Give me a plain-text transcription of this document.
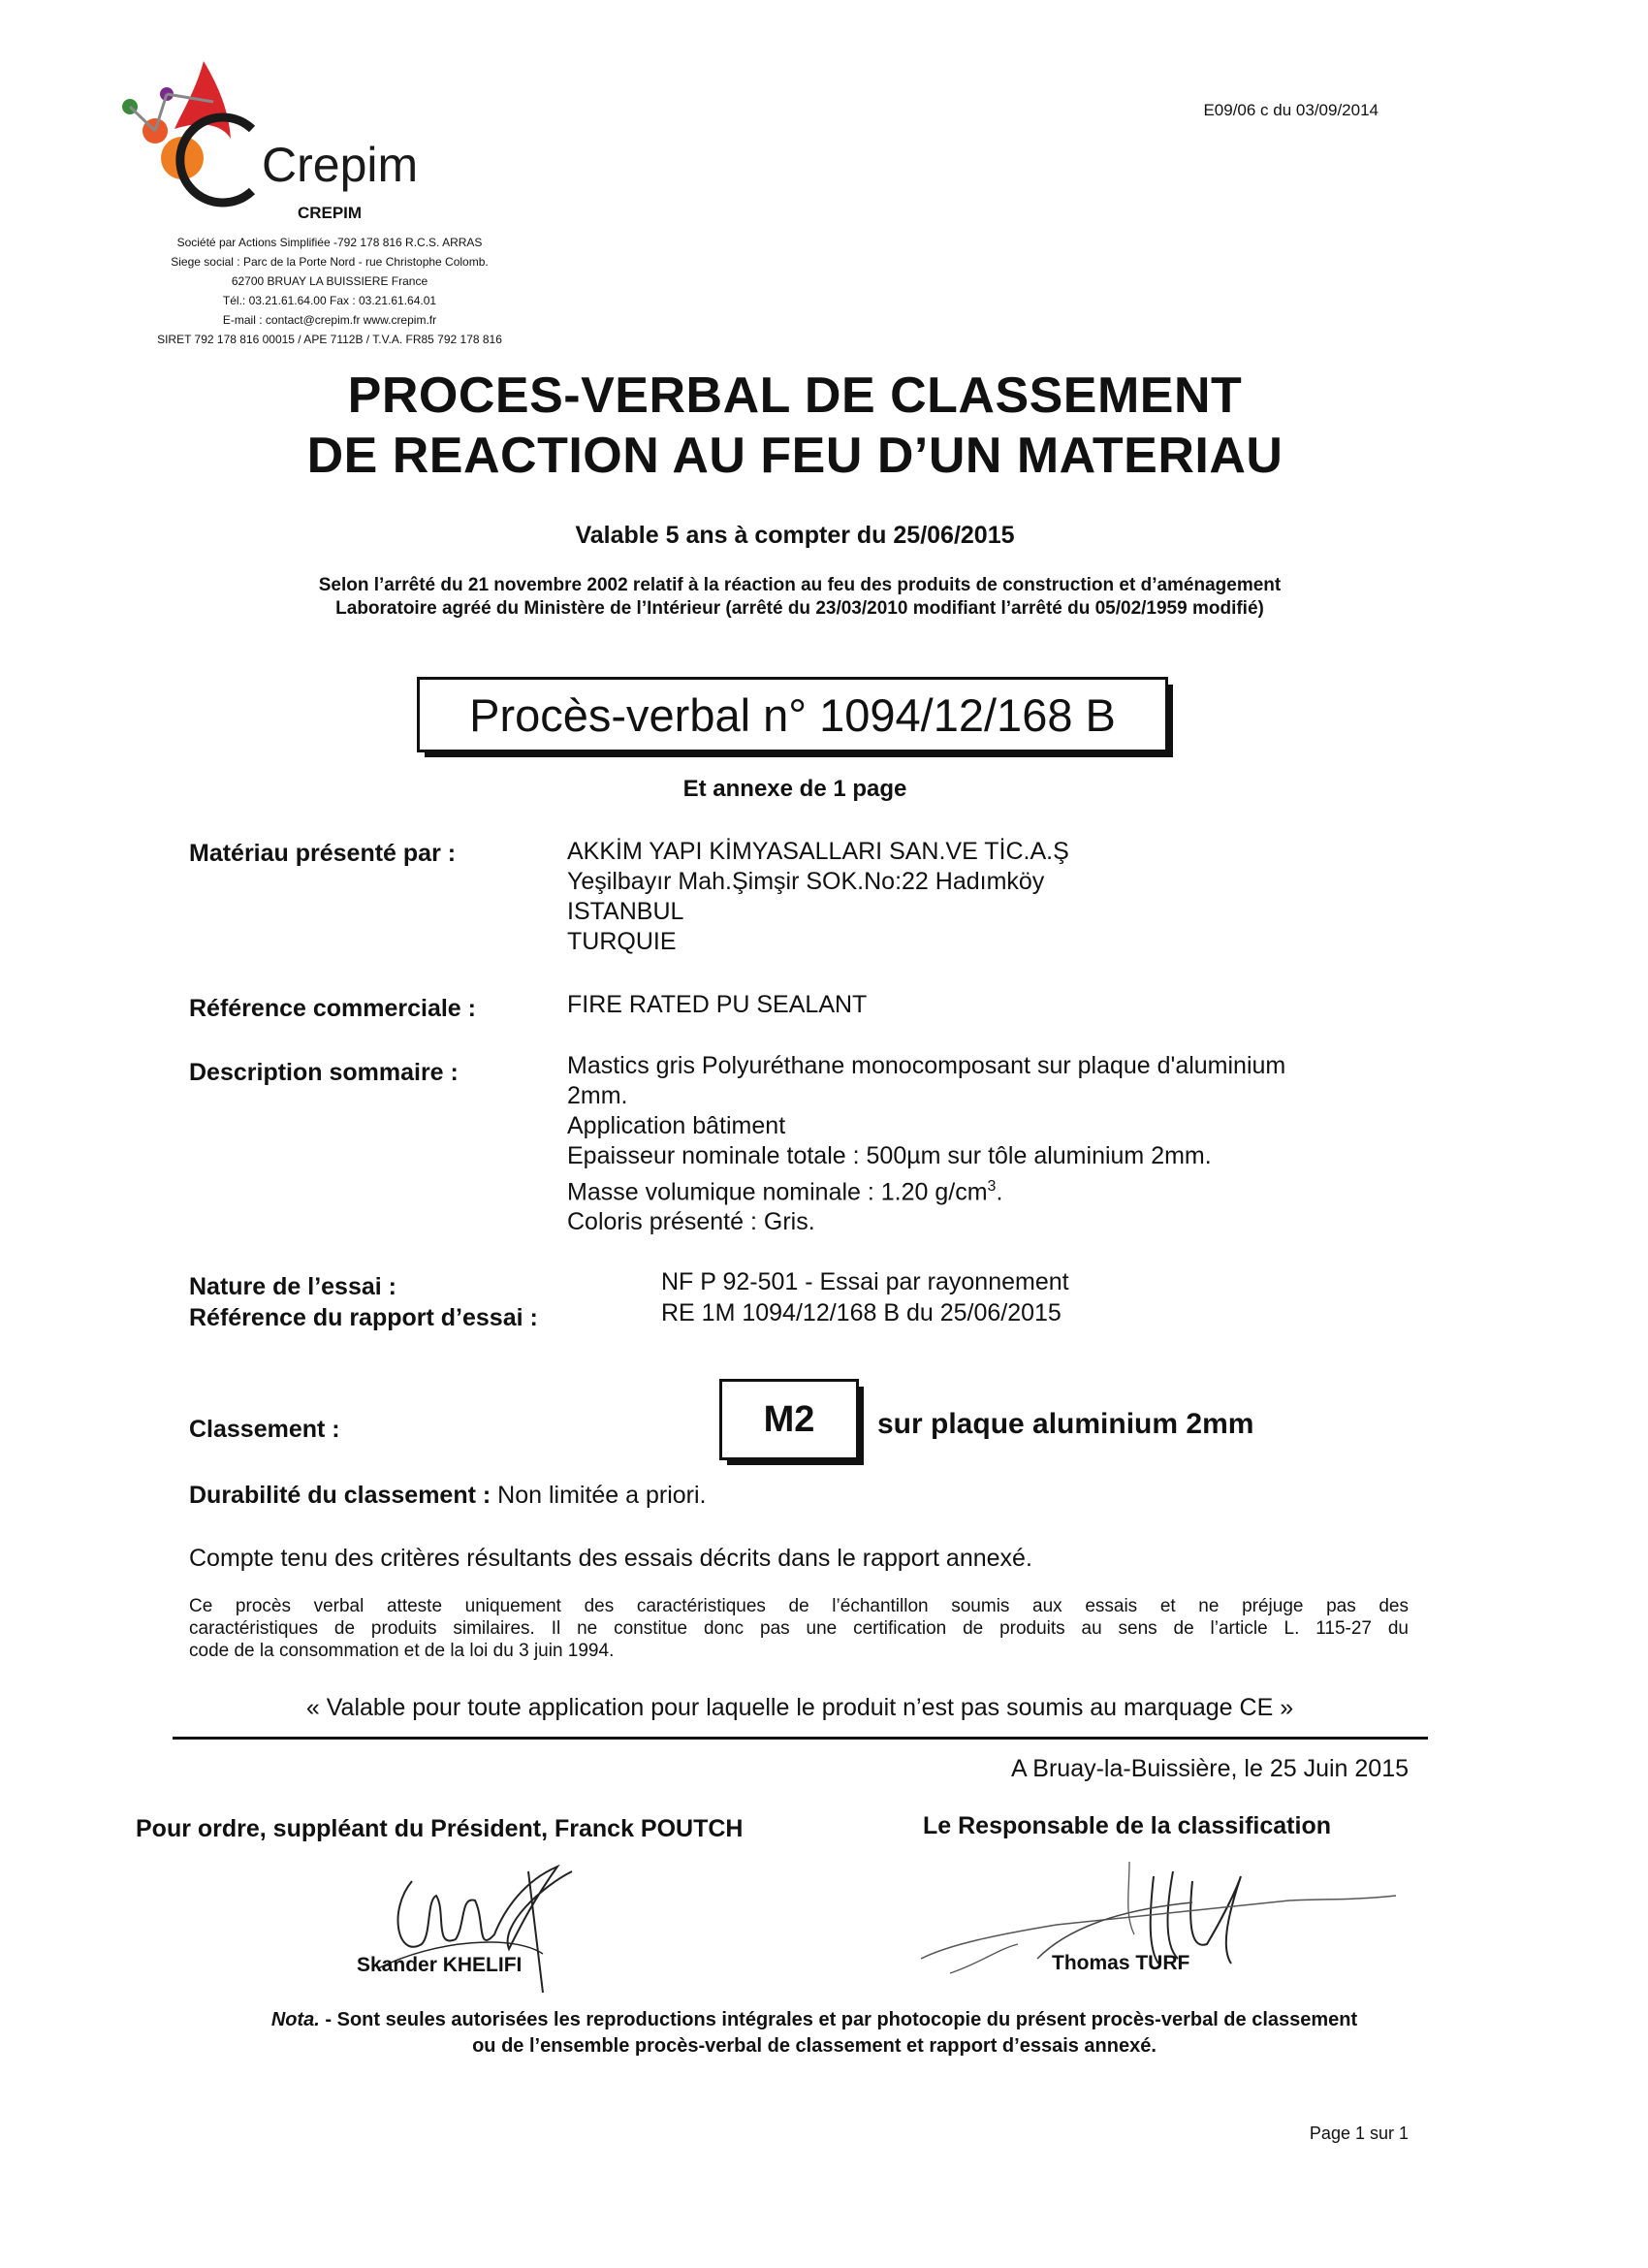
Crepim
E09/06 c du 03/09/2014
CREPIM
Société par Actions Simplifiée -792 178 816 R.C.S. ARRAS
Siege social : Parc de la Porte Nord - rue Christophe Colomb.
62700 BRUAY LA BUISSIERE France
Tél.: 03.21.61.64.00 Fax : 03.21.61.64.01
E-mail : contact@crepim.fr www.crepim.fr
SIRET 792 178 816 00015 / APE 7112B / T.V.A. FR85 792 178 816
PROCES-VERBAL DE CLASSEMENT
DE REACTION AU FEU D’UN MATERIAU
Valable 5 ans à compter du 25/06/2015
Selon l’arrêté du 21 novembre 2002 relatif à la réaction au feu des produits de construction et d’aménagement
Laboratoire agréé du Ministère de l’Intérieur (arrêté du 23/03/2010 modifiant l’arrêté du 05/02/1959 modifié)
Procès-verbal n° 1094/12/168 B
Et annexe de 1 page
Matériau présenté par :	AKKİM YAPI KİMYASALLARI SAN.VE TİC.A.Ş
Yeşilbayır Mah.Şimşir SOK.No:22 Hadımköy
ISTANBUL
TURQUIE
Référence commerciale :	FIRE RATED PU SEALANT
Description sommaire :	Mastics gris Polyuréthane monocomposant sur plaque d'aluminium
2mm.
Application bâtiment
Epaisseur nominale totale : 500µm sur tôle aluminium 2mm.
Masse volumique nominale : 1.20 $g/cm^3$.
Coloris présenté : Gris.
Nature de l’essai :	NF P 92-501 - Essai par rayonnement
Référence du rapport d’essai :	RE 1M 1094/12/168 B du 25/06/2015
Classement :	M2 sur plaque aluminium 2mm
Durabilité du classement : Non limitée a priori.
Compte tenu des critères résultants des essais décrits dans le rapport annexé.
Ce procès verbal atteste uniquement des caractéristiques de l’échantillon soumis aux essais et ne préjuge pas des
caractéristiques de produits similaires. Il ne constitue donc pas une certification de produits au sens de l’article L. 115-27 du
code de la consommation et de la loi du 3 juin 1994.
« Valable pour toute application pour laquelle le produit n’est pas soumis au marquage CE »
A Bruay-la-Buissière, le 25 Juin 2015
Pour ordre, suppléant du Président, Franck POUTCH	Le Responsable de la classification
Skander KHELIFI	Thomas TURF
Nota. - Sont seules autorisées les reproductions intégrales et par photocopie du présent procès-verbal de classement
ou de l’ensemble procès-verbal de classement et rapport d’essais annexé.
Page 1 sur 1
